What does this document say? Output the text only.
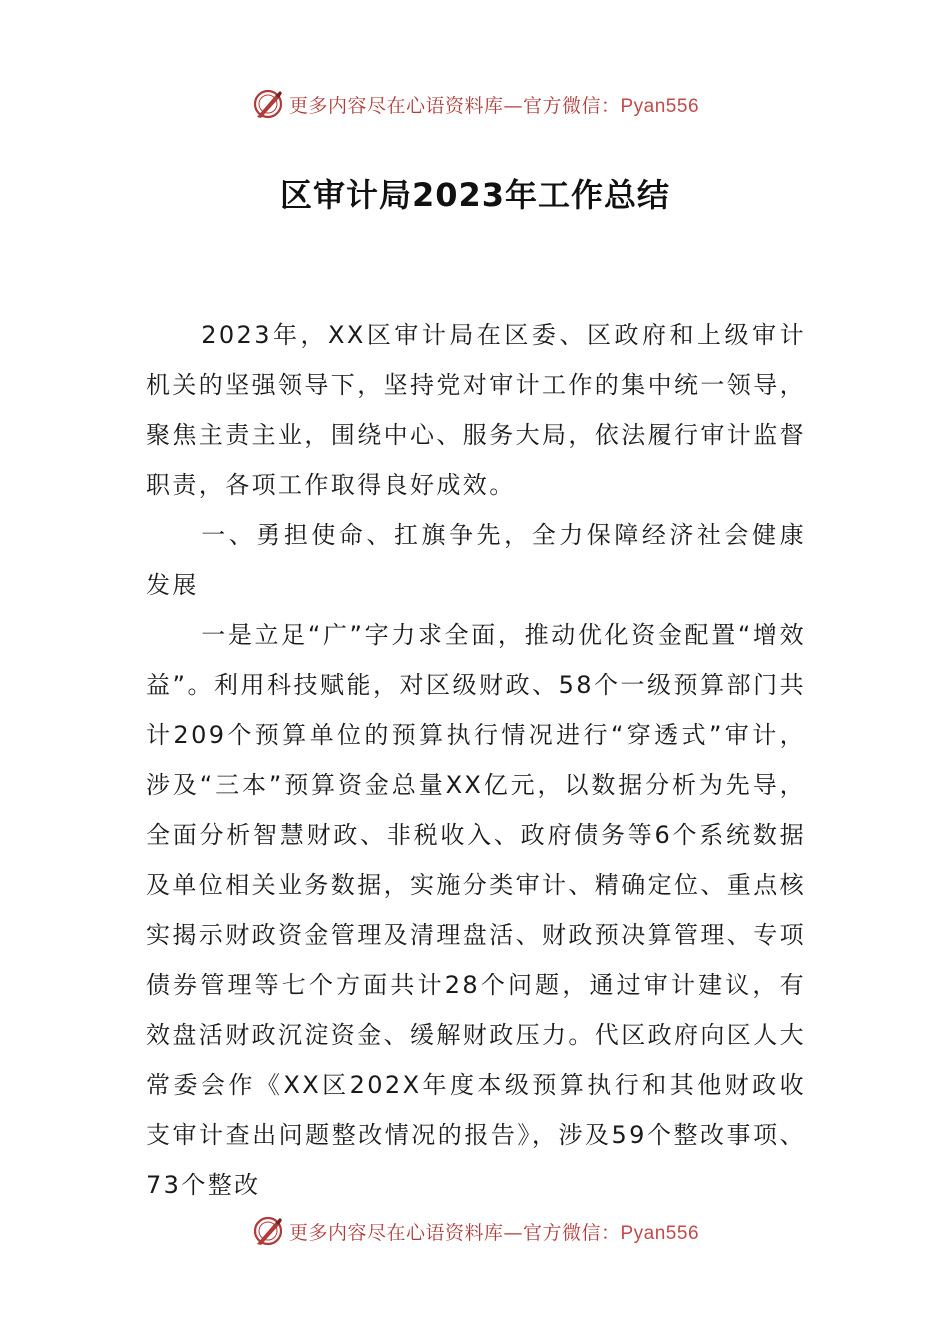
更多内容尽在心语资料库—官方微信：Pyan556
区审计局2023年工作总结

2023年，XX区审计局在区委、区政府和上级审计机关的坚强领导下，坚持党对审计工作的集中统一领导，聚焦主责主业，围绕中心、服务大局，依法履行审计监督职责，各项工作取得良好成效。

一、勇担使命、扛旗争先，全力保障经济社会健康发展

一是立足“广”字力求全面，推动优化资金配置“增效益”。利用科技赋能，对区级财政、58个一级预算部门共计209个预算单位的预算执行情况进行“穿透式”审计，涉及“三本”预算资金总量XX亿元，以数据分析为先导，全面分析智慧财政、非税收入、政府债务等6个系统数据及单位相关业务数据，实施分类审计、精确定位、重点核实揭示财政资金管理及清理盘活、财政预决算管理、专项债券管理等七个方面共计28个问题，通过审计建议，有效盘活财政沉淀资金、缓解财政压力。代区政府向区人大常委会作《XX区202X年度本级预算执行和其他财政收支审计查出问题整改情况的报告》，涉及59个整改事项、73个整改

更多内容尽在心语资料库—官方微信：Pyan556
